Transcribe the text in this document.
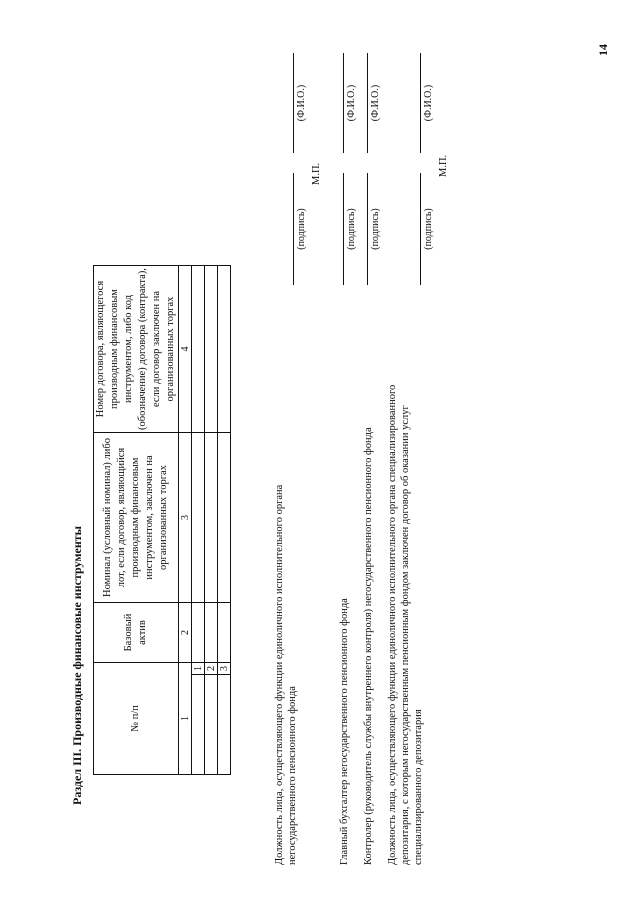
14
Раздел III. Производные финансовые инструменты	№ п/п		Базовый актив	Номинал (условный номинал) либо лот, если договор, являющийся производным финансовым инструментом, заключен на организованных торгах	Номер договора, являющегося производным финансовым инструментом, либо код (обозначение) договора (контракта), если договор заключен на организованных торгах
1		2	3	4
	1			
	2			
	3				Должность лица, осуществляющего функции единоличного исполнительного органа негосударственного пенсионного фонда
(подпись)
(Ф.И.О.)
М.П.
Главный бухгалтер негосударственного пенсионного фонда
(подпись)
(Ф.И.О.)
Контролер (руководитель службы внутреннего контроля) негосударственного пенсионного фонда
(подпись)
(Ф.И.О.)
Должность лица, осуществляющего функции единоличного исполнительного органа специализированного депозитария, с которым негосударственным пенсионным фондом заключен договор об оказании услуг специализированного депозитария
(подпись)
(Ф.И.О.)
М.П.
